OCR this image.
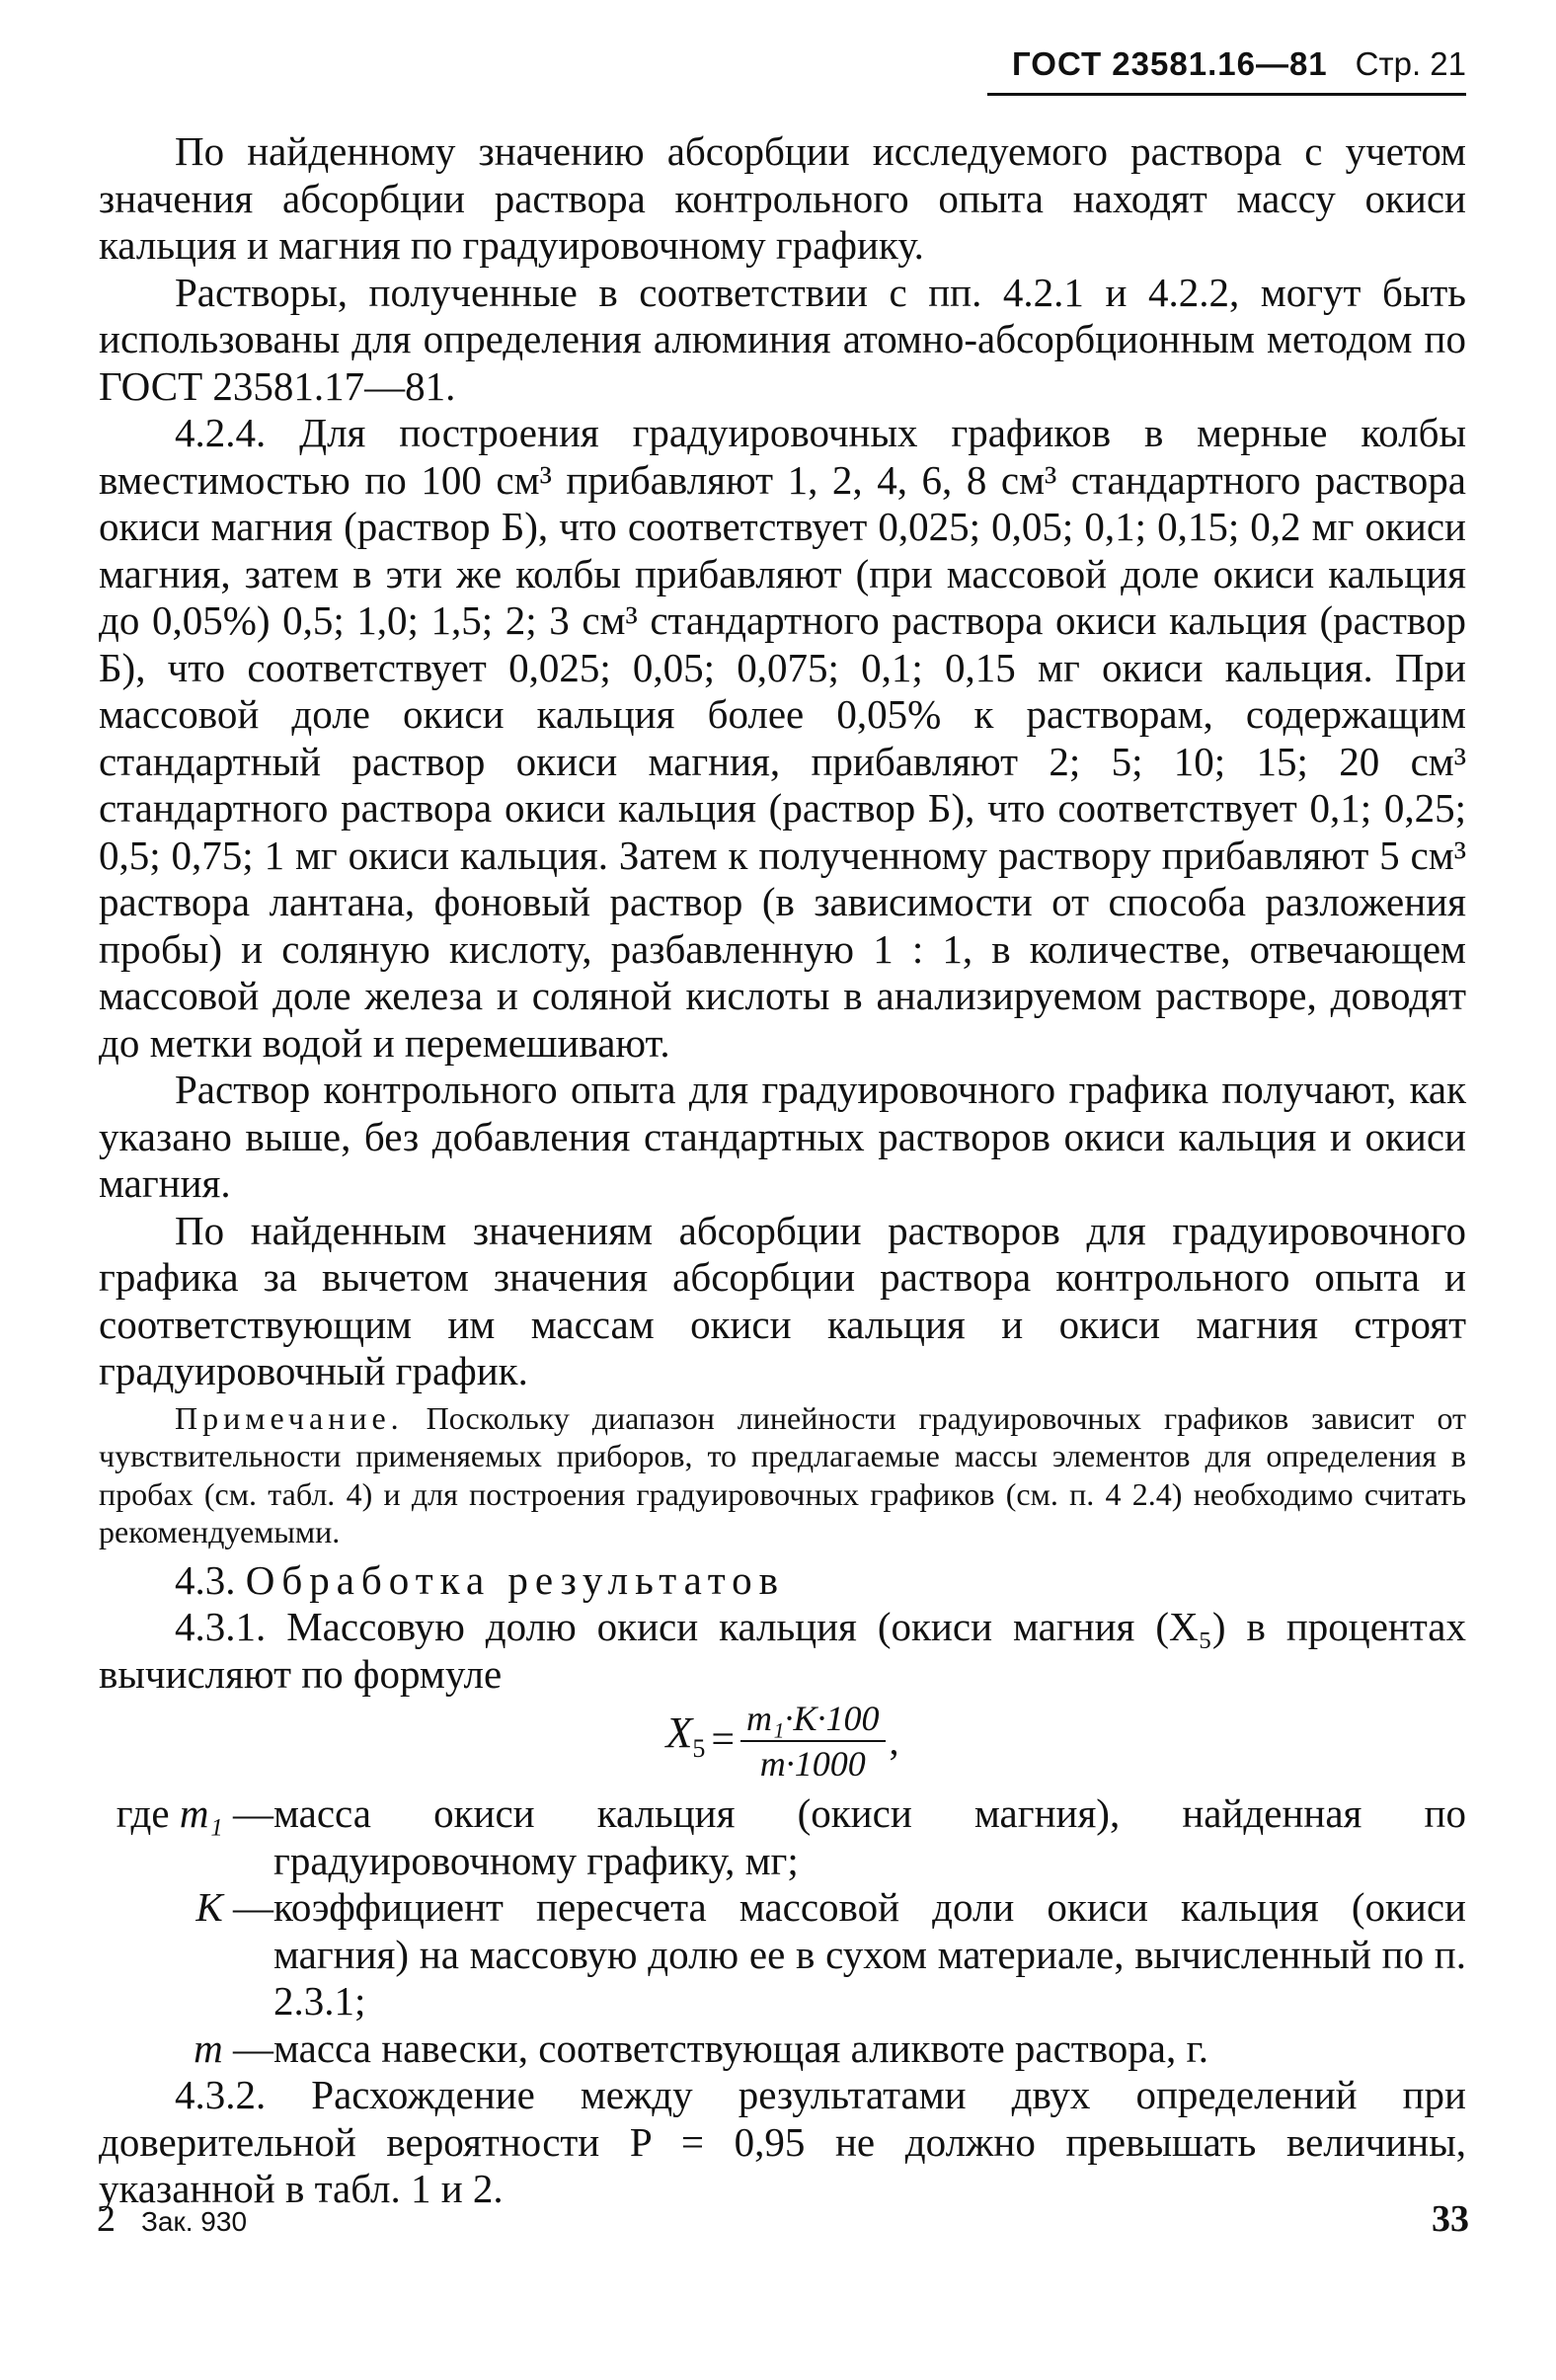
ГОСТ 23581.16—81 Стр. 21

По найденному значению абсорбции исследуемого раствора с учетом значения абсорбции раствора контрольного опыта находят массу окиси кальция и магния по градуировочному графику.

Растворы, полученные в соответствии с пп. 4.2.1 и 4.2.2, могут быть использованы для определения алюминия атомно-абсорбционным методом по ГОСТ 23581.17—81.

4.2.4. Для построения градуировочных графиков в мерные колбы вместимостью по 100 см³ прибавляют 1, 2, 4, 6, 8 см³ стандартного раствора окиси магния (раствор Б), что соответствует 0,025; 0,05; 0,1; 0,15; 0,2 мг окиси магния, затем в эти же колбы прибавляют (при массовой доле окиси кальция до 0,05%) 0,5; 1,0; 1,5; 2; 3 см³ стандартного раствора окиси кальция (раствор Б), что соответствует 0,025; 0,05; 0,075; 0,1; 0,15 мг окиси кальция. При массовой доле окиси кальция более 0,05% к растворам, содержащим стандартный раствор окиси магния, прибавляют 2; 5; 10; 15; 20 см³ стандартного раствора окиси кальция (раствор Б), что соответствует 0,1; 0,25; 0,5; 0,75; 1 мг окиси кальция. Затем к полученному раствору прибавляют 5 см³ раствора лантана, фоновый раствор (в зависимости от способа разложения пробы) и соляную кислоту, разбавленную 1 : 1, в количестве, отвечающем массовой доле железа и соляной кислоты в анализируемом растворе, доводят до метки водой и перемешивают.

Раствор контрольного опыта для градуировочного графика получают, как указано выше, без добавления стандартных растворов окиси кальция и окиси магния.

По найденным значениям абсорбции растворов для градуировочного графика за вычетом значения абсорбции раствора контрольного опыта и соответствующим им массам окиси кальция и окиси магния строят градуировочный график.

Примечание. Поскольку диапазон линейности градуировочных графиков зависит от чувствительности применяемых приборов, то предлагаемые массы элементов для определения в пробах (см. табл. 4) и для построения градуировочных графиков (см. п. 4 2.4) необходимо считать рекомендуемыми.

4.3. Обработка результатов

4.3.1. Массовую долю окиси кальция (окиси магния (X₅) в процентах вычисляют по формуле

$X_5 = \frac{\text{m₁·K·100}}{m\cdot 1000}$ ,
где m₁ — масса окиси кальция (окиси магния), найденная по градуировочному графику, мг;
K — коэффициент пересчета массовой доли окиси кальция (окиси магния) на массовую долю ее в сухом материале, вычисленный по п. 2.3.1;
m — масса навески, соответствующая аликвоте раствора, г.

4.3.2. Расхождение между результатами двух определений при доверительной вероятности P = 0,95 не должно превышать величины, указанной в табл. 1 и 2.

2 Зак. 930	33
